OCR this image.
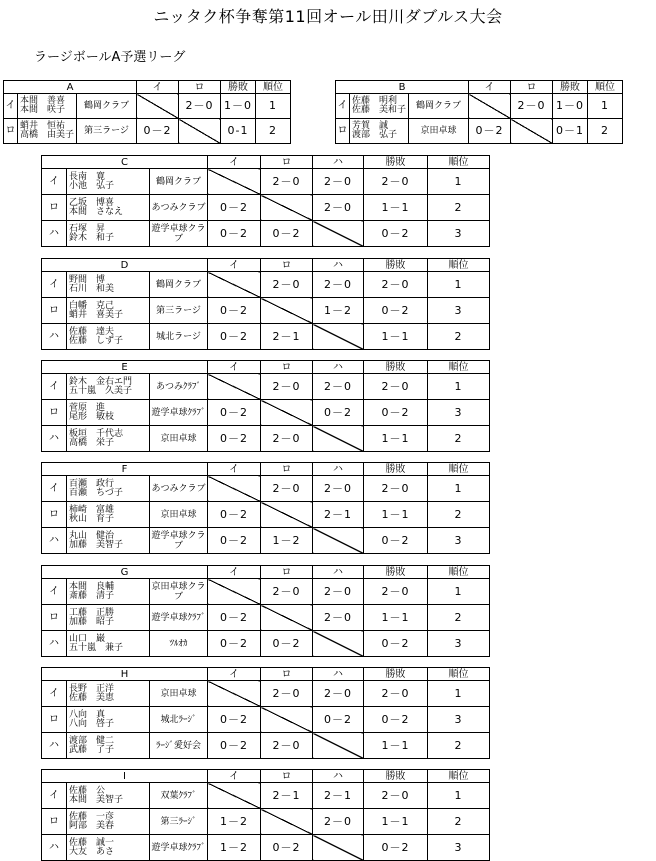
ニッタク杯争奪第11回オール田川ダブルス大会
ラージボールA予選リーグ
A			イ	ロ	勝敗	順位
イ	本間　善喜
本間　咲子	鶴岡クラブ		2－0	1－0	1
ロ	蛸井　恒祐
高橋　由美子	第三ラージ	0－2		0-1	2
B			イ	ロ	勝敗	順位
イ	佐藤　明利
佐藤　美和子	鶴岡クラブ		2－0	1－0	1
ロ	芳賀　誠
渡部　弘子	京田卓球	0－2		0－1	2
C			イ	ロ	ハ	勝敗	順位
イ	長南　寛
小池　弘子	鶴岡クラブ		2－0	2－0	2－0	1
ロ	乙坂　博喜
本間　さなえ	あつみクラブ	0－2		2－0	1－1	2
ハ	石塚　昇
鈴木　和子	遊学卓球クラブ	0－2	0－2		0－2	3
D			イ	ロ	ハ	勝敗	順位
イ	野間　博
石川　和美	鶴岡クラブ		2－0	2－0	2－0	1
ロ	白幡　克己
蛸井　喜美子	第三ラージ	0－2		1－2	0－2	3
ハ	佐藤　達夫
佐藤　しず子	城北ラージ	0－2	2－1		1－1	2
E			イ	ロ	ハ	勝敗	順位
イ	鈴木　金右エ門
五十嵐　久美子	あつみｸﾗﾌﾞ		2－0	2－0	2－0	1
ロ	菅原　進
尾形　敏枝	遊学卓球ｸﾗﾌﾞ	0－2		0－2	0－2	3
ハ	板垣　千代志
高橋　栄子	京田卓球	0－2	2－0		1－1	2
F			イ	ロ	ハ	勝敗	順位
イ	百瀬　政行
百瀬　ちづ子	あつみクラブ		2－0	2－0	2－0	1
ロ	柿崎　富雄
秋山　育子	京田卓球	0－2		2－1	1－1	2
ハ	丸山　健治
加藤　美智子	遊学卓球クラブ	0－2	1－2		0－2	3
G			イ	ロ	ハ	勝敗	順位
イ	本間　良輔
斎藤　清子	京田卓球クラブ		2－0	2－0	2－0	1
ロ	工藤　正勝
加藤　昭子	遊学卓球ｸﾗﾌﾞ	0－2		2－0	1－1	2
ハ	山口　巌
五十嵐　兼子	ﾂﾙｵｶ	0－2	0－2		0－2	3
H			イ	ロ	ハ	勝敗	順位
イ	長野　正洋
佐藤　美恵	京田卓球		2－0	2－0	2－0	1
ロ	八向　真
八向　啓子	城北ﾗｰｼﾞ	0－2		0－2	0－2	3
ハ	渡部　健二
武藤　了子	ﾗｰｼﾞ愛好会	0－2	2－0		1－1	2
I			イ	ロ	ハ	勝敗	順位
イ	佐藤　公
本間　美智子	双葉ｸﾗﾌﾞ		2－1	2－1	2－0	1
ロ	佐藤　一彦
阿部　美春	第三ﾗｰｼﾞ	1－2		2－0	1－1	2
ハ	佐藤　誠一
大友　あさ	遊学卓球ｸﾗﾌﾞ	1－2	0－2		0－2	3
